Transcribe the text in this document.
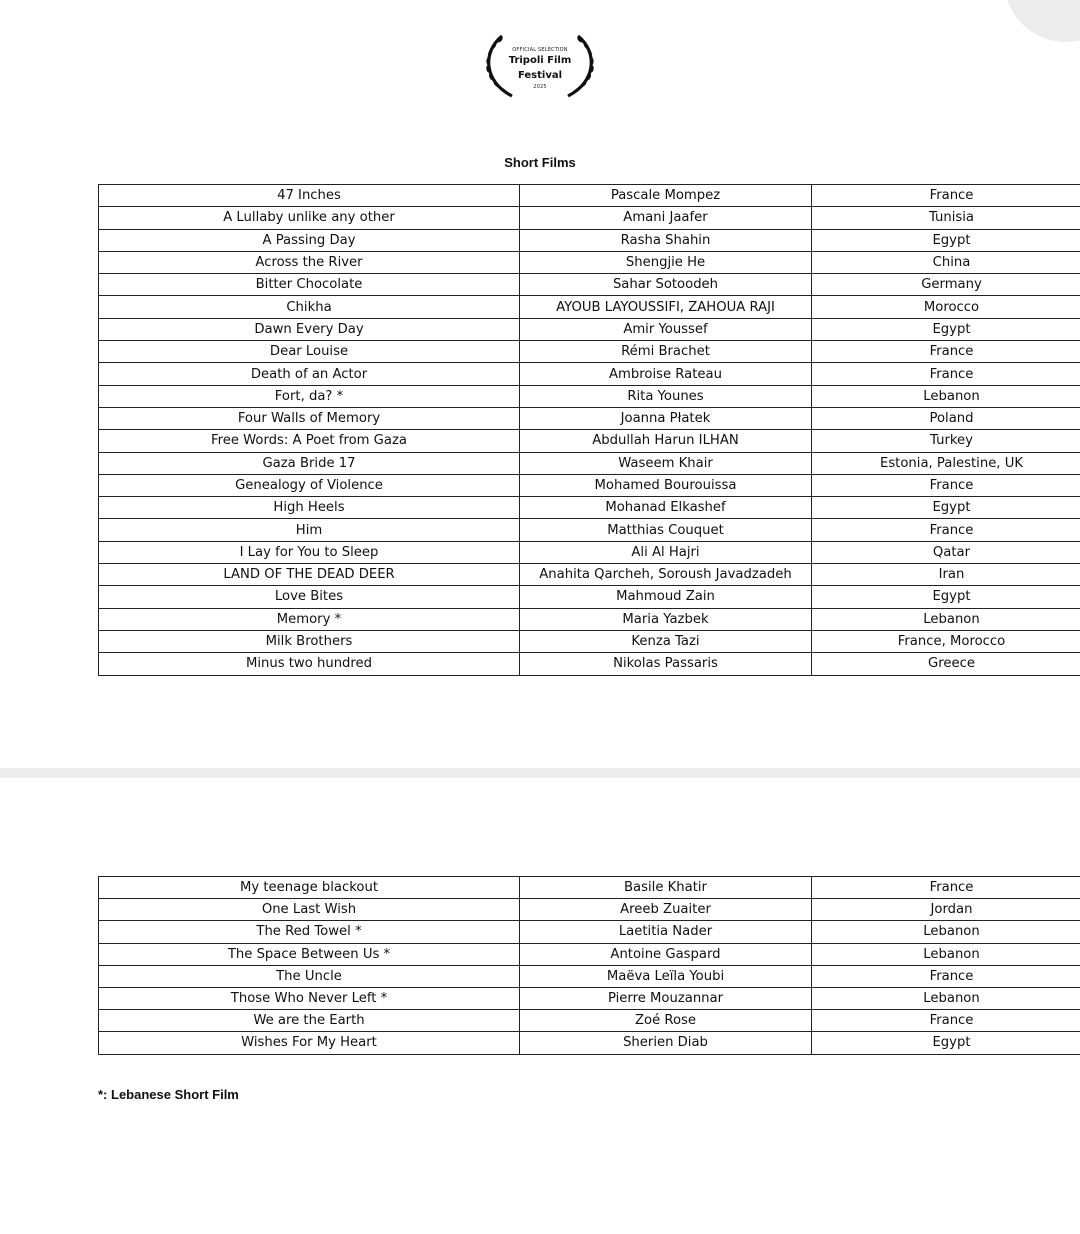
OFFICIAL SELECTION
Tripoli Film
Festival
2025
Short Films
47 Inches	Pascale Mompez	France
A Lullaby unlike any other	Amani Jaafer	Tunisia
A Passing Day	Rasha Shahin	Egypt
Across the River	Shengjie He	China
Bitter Chocolate	Sahar Sotoodeh	Germany
Chikha	AYOUB LAYOUSSIFI, ZAHOUA RAJI	Morocco
Dawn Every Day	Amir Youssef	Egypt
Dear Louise	Rémi Brachet	France
Death of an Actor	Ambroise Rateau	France
Fort, da? *	Rita Younes	Lebanon
Four Walls of Memory	Joanna Płatek	Poland
Free Words: A Poet from Gaza	Abdullah Harun ILHAN	Turkey
Gaza Bride 17	Waseem Khair	Estonia, Palestine, UK
Genealogy of Violence	Mohamed Bourouissa	France
High Heels	Mohanad Elkashef	Egypt
Him	Matthias Couquet	France
I Lay for You to Sleep	Ali Al Hajri	Qatar
LAND OF THE DEAD DEER	Anahita Qarcheh, Soroush Javadzadeh	Iran
Love Bites	Mahmoud Zain	Egypt
Memory *	Maria Yazbek	Lebanon
Milk Brothers	Kenza Tazi	France, Morocco
Minus two hundred	Nikolas Passaris	Greece
My teenage blackout	Basile Khatir	France
One Last Wish	Areeb Zuaiter	Jordan
The Red Towel *	Laetitia Nader	Lebanon
The Space Between Us *	Antoine Gaspard	Lebanon
The Uncle	Maëva Leïla Youbi	France
Those Who Never Left *	Pierre Mouzannar	Lebanon
We are the Earth	Zoé Rose	France
Wishes For My Heart	Sherien Diab	Egypt
*: Lebanese Short Film
